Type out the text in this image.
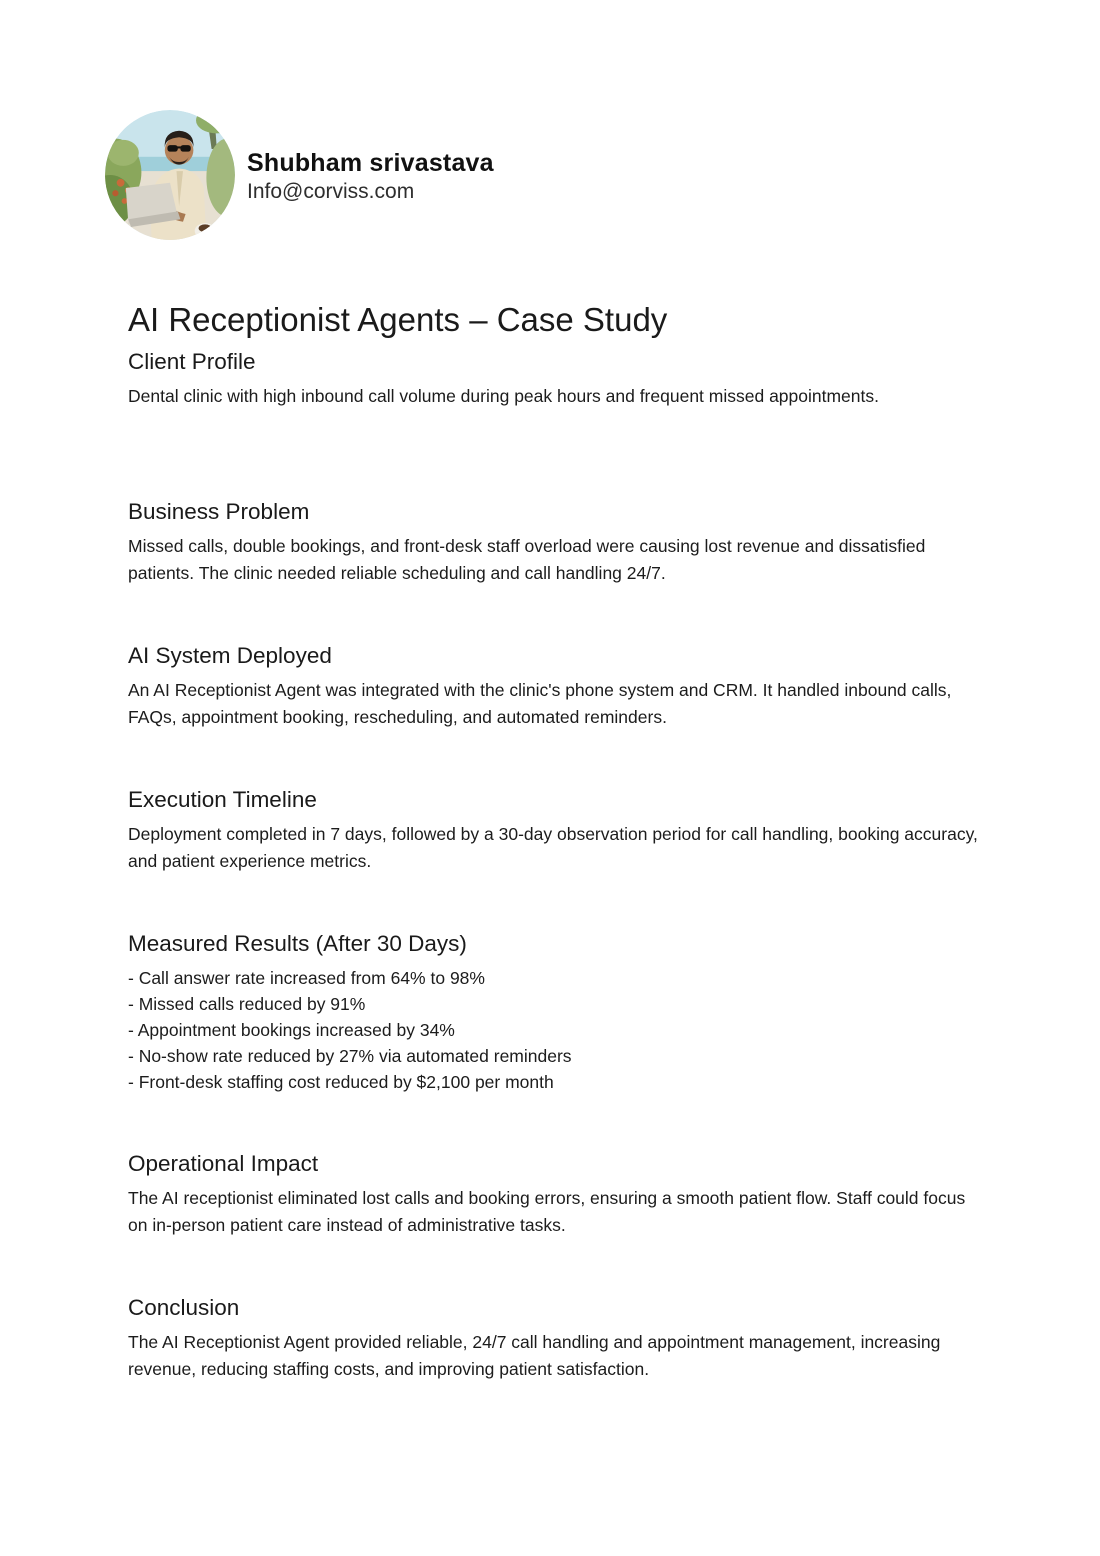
Shubham srivastava
Info@corviss.com
AI Receptionist Agents – Case Study
Client Profile

Dental clinic with high inbound call volume during peak hours and frequent missed appointments.

Business Problem

Missed calls, double bookings, and front-desk staff overload were causing lost revenue and dissatisfied patients. The clinic needed reliable scheduling and call handling 24/7.

AI System Deployed

An AI Receptionist Agent was integrated with the clinic's phone system and CRM. It handled inbound calls, FAQs, appointment booking, rescheduling, and automated reminders.

Execution Timeline

Deployment completed in 7 days, followed by a 30-day observation period for call handling, booking accuracy, and patient experience metrics.

Measured Results (After 30 Days)
- Call answer rate increased from 64% to 98%
- Missed calls reduced by 91%
- Appointment bookings increased by 34%
- No-show rate reduced by 27% via automated reminders
- Front-desk staffing cost reduced by $2,100 per month
Operational Impact

The AI receptionist eliminated lost calls and booking errors, ensuring a smooth patient flow. Staff could focus on in-person patient care instead of administrative tasks.

Conclusion

The AI Receptionist Agent provided reliable, 24/7 call handling and appointment management, increasing revenue, reducing staffing costs, and improving patient satisfaction.
